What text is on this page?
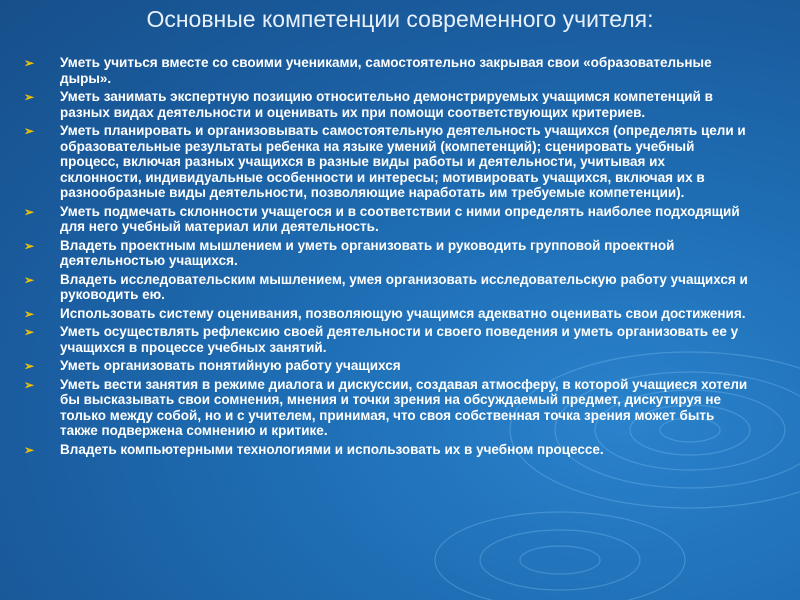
Основные компетенции современного учителя:
➢ Уметь учиться вместе со своими учениками, самостоятельно закрывая свои «образовательные дыры».
➢ Уметь занимать экспертную позицию относительно демонстрируемых учащимся компетенций в разных видах деятельности и оценивать их при помощи соответствующих критериев.
➢ Уметь планировать и организовывать самостоятельную деятельность учащихся (определять цели и образовательные результаты ребенка на языке умений (компетенций); сценировать учебный процесс, включая разных учащихся в разные виды работы и деятельности, учитывая их склонности, индивидуальные особенности и интересы; мотивировать учащихся, включая их в разнообразные виды деятельности, позволяющие наработать им требуемые компетенции).
➢ Уметь подмечать склонности учащегося и в соответствии с ними определять наиболее подходящий для него учебный материал или деятельность.
➢ Владеть проектным мышлением и уметь организовать и руководить групповой проектной деятельностью учащихся.
➢ Владеть исследовательским мышлением, умея организовать исследовательскую работу учащихся и руководить ею.
➢ Использовать систему оценивания, позволяющую учащимся адекватно оценивать свои достижения.
➢ Уметь осуществлять рефлексию своей деятельности и своего поведения и уметь организовать ее у учащихся в процессе учебных занятий.
➢ Уметь организовать понятийную работу учащихся
➢ Уметь вести занятия в режиме диалога и дискуссии, создавая атмосферу, в которой учащиеся хотели бы высказывать свои сомнения, мнения и точки зрения на обсуждаемый предмет, дискутируя не только между собой, но и с учителем, принимая, что своя собственная точка зрения может быть также подвержена сомнению и критике.
➢ Владеть компьютерными технологиями и использовать их в учебном процессе.
